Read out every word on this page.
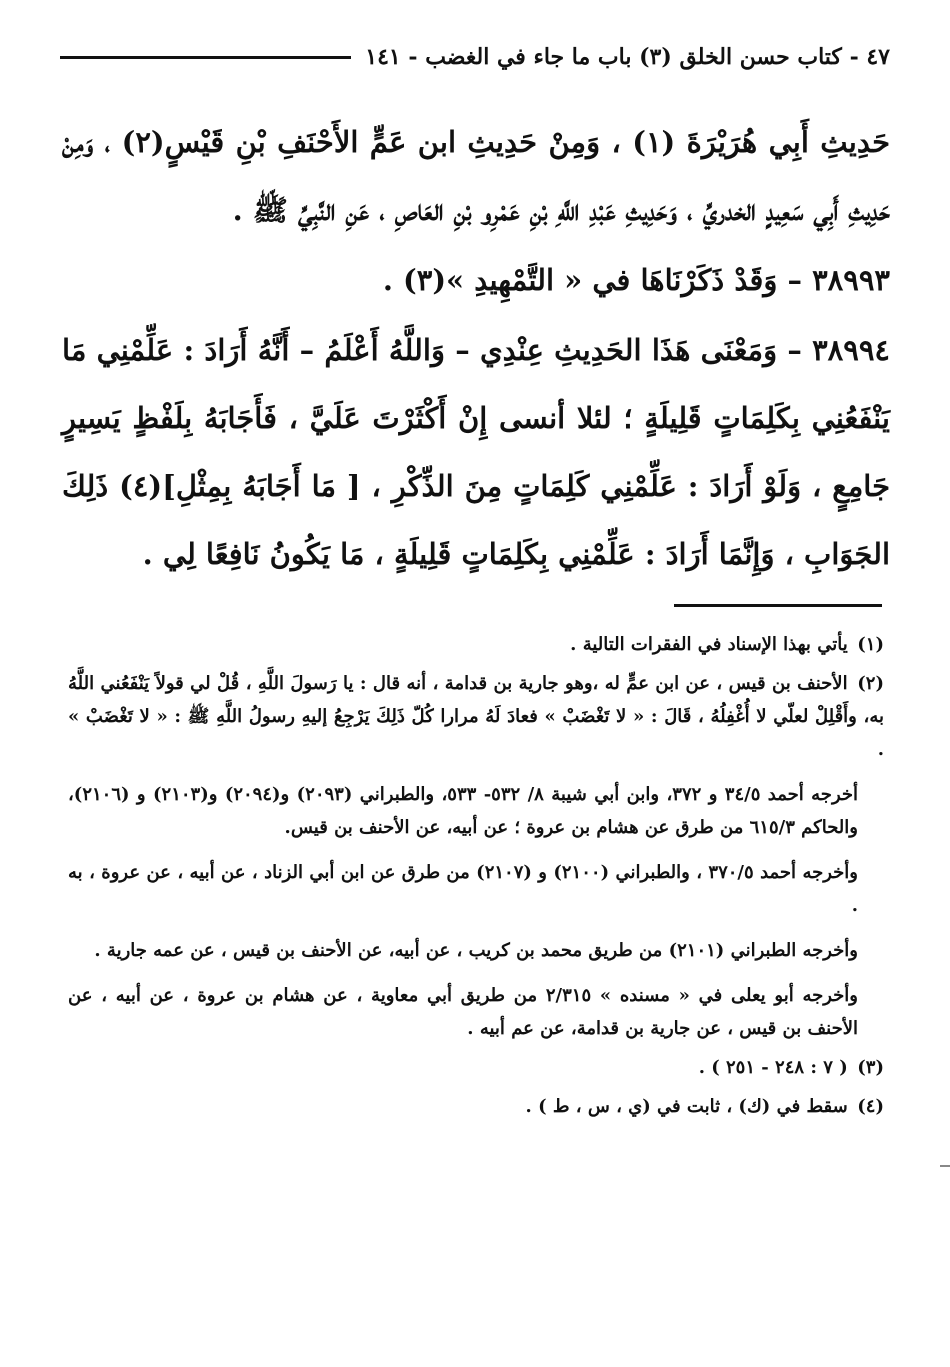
٤٧ - كتاب حسن الخلق (٣) باب ما جاء في الغضب - ١٤١

حَدِيثِ أَبِي هُرَيْرَةَ (١) ، وَمِنْ حَدِيثِ ابن عَمٍّ الأَحْنَفِ بْنِ قَيْسٍ(٢) ، وَمِنْ حَدِيثِ أَبِي سَعِيدٍ الخدريِّ ، وَحَدِيثِ عَبْدِ اللَّهِ بْنِ عَمْرِو بْنِ العَاصِ ، عَنِ النَّبِيِّ ﷺ .

٣٨٩٩٣ – وَقَدْ ذَكَرْنَاهَا في « التَّمْهِيدِ »(٣) .

٣٨٩٩٤ – وَمَعْنَى هَذَا الحَدِيثِ عِنْدِي – وَاللَّهُ أَعْلَمُ – أَنَّهُ أَرَادَ : عَلِّمْنِي مَا يَنْفَعُنِي بِكَلِمَاتٍ قَلِيلَةٍ ؛ لئلا أنسى إِنْ أَكْثَرْتَ عَلَيَّ ، فَأَجَابَهُ بِلَفْظٍ يَسِيرٍ جَامِعٍ ، وَلَوْ أَرَادَ : عَلِّمْنِي كَلِمَاتٍ مِنَ الذِّكْرِ ، [ مَا أَجَابَهُ بِمِثْلِ](٤) ذَلِكَ الجَوَابِ ، وَإِنَّمَا أَرَادَ : عَلِّمْنِي بِكَلِمَاتٍ قَلِيلَةٍ ، مَا يَكُونُ نَافِعًا لِي .

(١) يأتي بهذا الإسناد في الفقرات التالية .

(٢) الأحنف بن قيس ، عن ابن عمٍّ له ،وهو جارية بن قدامة ، أنه قال : يا رَسولَ اللَّهِ ، قُلْ لي قولاً يَنْفَعُني اللَّهُ به، وأَقْلِلْ لعلّي لا أُغْفِلُهُ ، قَالَ : « لا تَغْضَبْ » فعادَ لَهُ مرارا كُلّ ذَلِكَ يَرْجِعُ إليهِ رسولُ اللَّهِ ﷺ : « لا تَغْضَبْ » .

أخرجه أحمد ٣٤/٥ و ٣٧٢، وابن أبي شيبة ٨/ ٥٣٢- ٥٣٣، والطبراني (٢٠٩٣) و(٢٠٩٤) و(٢١٠٣) و (٢١٠٦)، والحاكم ٦١٥/٣ من طرق عن هشام بن عروة ؛ عن أبيه، عن الأحنف بن قيس.

وأخرجه أحمد ٣٧٠/٥ ، والطبراني (٢١٠٠) و (٢١٠٧) من طرق عن ابن أبي الزناد ، عن أبيه ، عن عروة ، به .

وأخرجه الطبراني (٢١٠١) من طريق محمد بن كريب ، عن أبيه، عن الأحنف بن قيس ، عن عمه جارية .

وأخرجه أبو يعلى في « مسنده » ٢/٣١٥ من طريق أبي معاوية ، عن هشام بن عروة ، عن أبيه ، عن الأحنف بن قيس ، عن جارية بن قدامة، عن عم أبيه .

(٣) ( ٧ : ٢٤٨ - ٢٥١ ) .

(٤) سقط في (ك) ، ثابت في (ي ، س ، ط ) .
